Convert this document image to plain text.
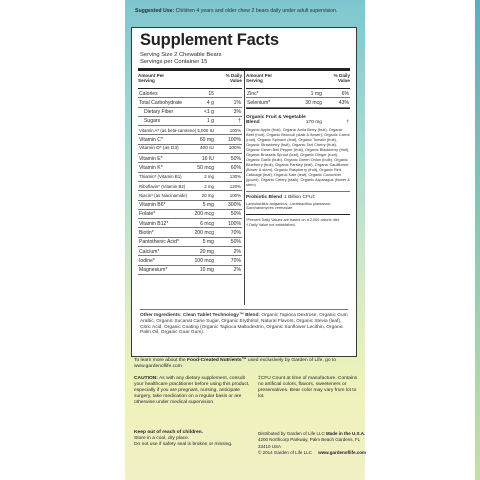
Suggested Use: Children 4 years and older chew 2 bears daily under adult supervision.
Supplement Facts
Serving Size 2 Chewable Bears
Servings per Container 15
Amount Per Serving
% Daily Value
Calories	15
Total Carbohydrate	4 g	1%
Dietary Fiber	<1 g	3%
Sugars	1 g	†
Vitamin A* (as beta-carotene) 5,000 IU	100%
Vitamin C*	60 mg	100%
Vitamin D* (as D3)	400 IU	100%
Vitamin E*	16 IU	50%
Vitamin K*	50 mcg	60%
Thiamin* (Vitamin B1)	2 mg	130%
Riboflavin* (Vitamin B2)	2 mg	120%
Niacin* (as Niacinamide)	20 mg	100%
Vitamin B6*	5 mg	300%
Folate*	200 mcg	50%
Vitamin B12*	6 mcg	100%
Biotin*	200 mcg	70%
Pantothenic Acid*	5 mg	50%
Calcium*	20 mg	2%
Iodine*	100 mcg	70%
Magnesium*	10 mg	2%
Amount Per Serving
% Daily Value
Zinc*	1 mg	6%
Selenium*	30 mcg	43%
Organic Fruit & Vegetable Blend	170 mg	†
Organic Apple (fruit), Organic Amla Berry (fruit), Organic Beet (root), Organic Broccoli (stalk & flower), Organic Carrot (root), Organic Spinach (leaf), Organic Tomato (fruit), Organic Strawberry (fruit), Organic Tart Cherry (fruit), Organic Green Bell Pepper (fruit), Organic Blackberry (fruit), Organic Brussels Sprout (leaf), Organic Ginger (root), Organic Garlic (bulb), Organic Green Onion (bulb), Organic Blueberry (fruit), Organic Parsley (leaf), Organic Cauliflower (flower & stem), Organic Raspberry (fruit), Organic Red Cabbage (leaf), Organic Kale (leaf), Organic Cucumber (gourd), Organic Celery (stalk), Organic Asparagus (flower & stem)
Probiotic Blend 1 Billion CFU‡
Lactobacillus bulgaricus, Lactobacillus plantarum, Saccharomyces cerevisiae
*Percent Daily Values are based on a 2,000 calorie diet.
† Daily Value not established.
Other Ingredients: Clean Tablet Technology™ Blend: Organic Tapioca Dextrose, Organic Gum Arabic, Organic Sucanat Cane Sugar, Organic Erythritol, Natural Flavors, Organic Stevia (leaf), Citric Acid, Organic Coating (Organic Tapioca Maltodextrin, Organic Sunflower Lecithin, Organic Palm Oil, Organic Guar Gum).
To learn more about the Food-Created Nutrients™ used exclusively by Garden of Life, go to www.gardenoflife.com
CAUTION: As with any dietary supplement, consult your healthcare practitioner before using this product, especially if you are pregnant, nursing, anticipate surgery, take medication on a regular basis or are otherwise under medical supervision.
‡CFU Count at time of manufacture. Contains no artificial colors, flavors, sweeteners or preservatives. Bear color may vary from lot to lot.
Keep out of reach of children.
Store in a cool, dry place.
Do not use if safety seal is broken or missing.
Distributed by Garden of Life LLC Made in the U.S.A.
4200 Northcorp Parkway, Palm Beach Gardens, FL 33410 USA
© 2014 Garden of Life LLC www.gardenoflife.com
